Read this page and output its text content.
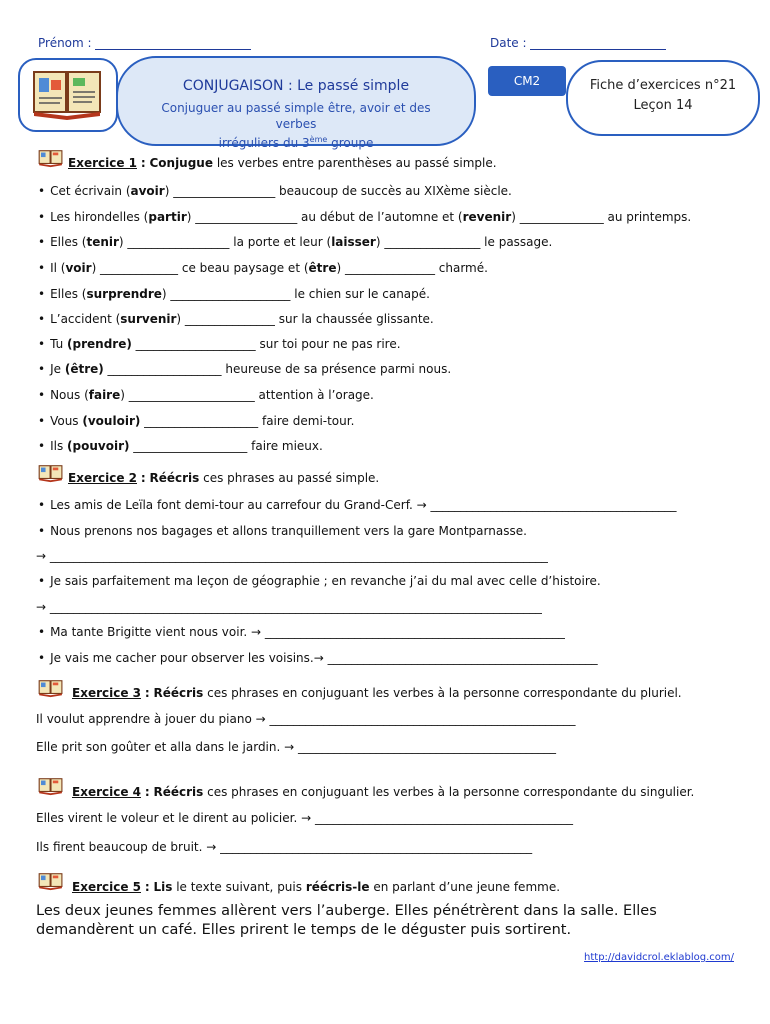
Prénom :	Date :
CONJUGAISON : Le passé simple
Conjuguer au passé simple être, avoir et des verbes
irréguliers du 3ème groupe
CM2	Fiche d’exercices n°21
Leçon 14
Exercice 1 : Conjugue les verbes entre parenthèses au passé simple.
• Cet écrivain (avoir) _________________ beaucoup de succès au XIXème siècle.
• Les hirondelles (partir) _________________ au début de l’automne et (revenir) ______________ au printemps.
• Elles (tenir) _________________ la porte et leur (laisser) ________________ le passage.
• Il (voir) _____________ ce beau paysage et (être) _______________ charmé.
• Elles (surprendre) ____________________ le chien sur le canapé.
• L’accident (survenir) _______________ sur la chaussée glissante.
• Tu (prendre) ____________________ sur toi pour ne pas rire.
• Je (être) ___________________ heureuse de sa présence parmi nous.
• Nous (faire) _____________________ attention à l’orage.
• Vous (vouloir) ___________________ faire demi-tour.
• Ils (pouvoir) ___________________ faire mieux.
Exercice 2 : Réécris ces phrases au passé simple.
• Les amis de Leïla font demi-tour au carrefour du Grand-Cerf. → _________________________________________
• Nous prenons nos bagages et allons tranquillement vers la gare Montparnasse.
→ ___________________________________________________________________________________
• Je sais parfaitement ma leçon de géographie ; en revanche j’ai du mal avec celle d’histoire.
→ __________________________________________________________________________________
• Ma tante Brigitte vient nous voir. → __________________________________________________
• Je vais me cacher pour observer les voisins.→ _____________________________________________
Exercice 3 : Réécris ces phrases en conjuguant les verbes à la personne correspondante du pluriel.
Il voulut apprendre à jouer du piano → ___________________________________________________
Elle prit son goûter et alla dans le jardin. → ___________________________________________
Exercice 4 : Réécris ces phrases en conjuguant les verbes à la personne correspondante du singulier.
Elles virent le voleur et le dirent au policier. → ___________________________________________
Ils firent beaucoup de bruit. → ____________________________________________________
Exercice 5 : Lis le texte suivant, puis réécris-le en parlant d’une jeune femme.
Les deux jeunes femmes allèrent vers l’auberge. Elles pénétrèrent dans la salle. Elles demandèrent un café. Elles prirent le temps de le déguster puis sortirent.
http://davidcrol.eklablog.com/
